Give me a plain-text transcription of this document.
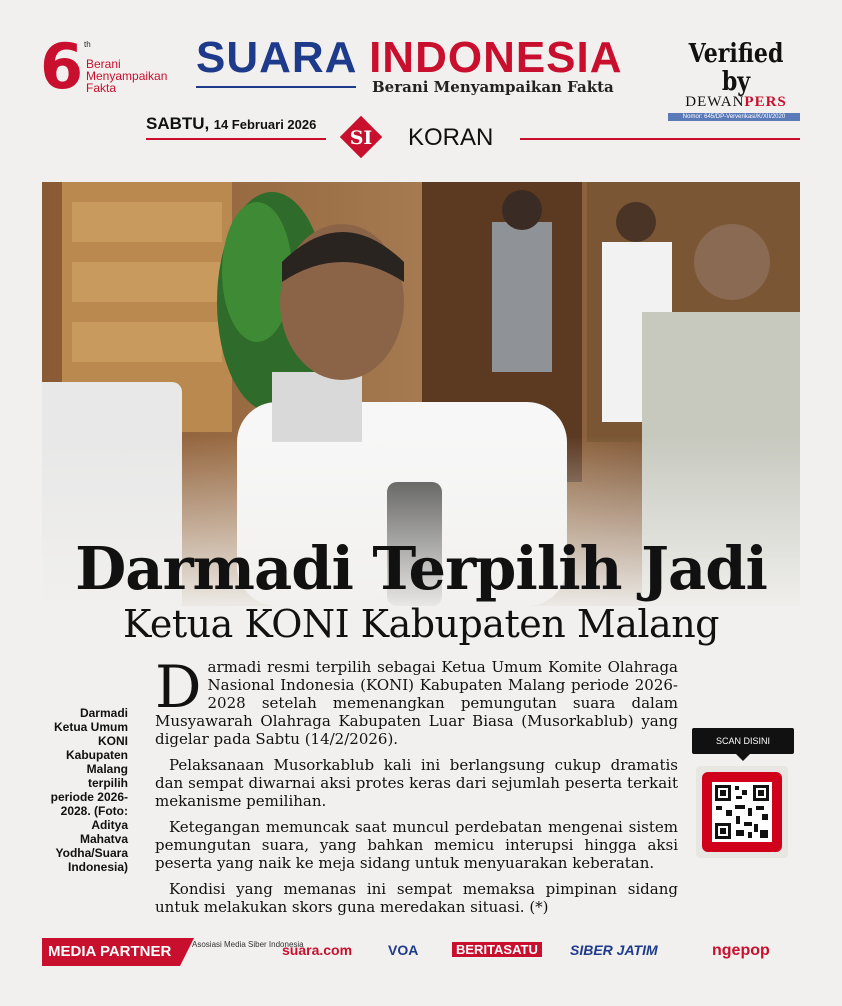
6 th
Berani
Menyampaikan
Fakta
SUARA INDONESIA
Berani Menyampaikan Fakta
Verified by
DEWANPERS
Nomor: 645/DP-Ververikasi/K/XII/2020
SABTU, 14 Februari 2026
SI KORAN
Darmadi Terpilih Jadi
Ketua KONI Kabupaten Malang
Darmadi Ketua Umum KONI Kabupaten Malang terpilih periode 2026-2028. (Foto: Aditya Mahatva Yodha/Suara Indonesia)

Darmadi resmi terpilih sebagai Ketua Umum Komite Olahraga Nasional Indonesia (KONI) Kabupaten Malang periode 2026-2028 setelah memenangkan pemungutan suara dalam Musyawarah Olahraga Kabupaten Luar Biasa (Musorkablub) yang digelar pada Sabtu (14/2/2026).

Pelaksanaan Musorkablub kali ini berlangsung cukup dramatis dan sempat diwarnai aksi protes keras dari sejumlah peserta terkait mekanisme pemilihan.

Ketegangan memuncak saat muncul perdebatan mengenai sistem pemungutan suara, yang bahkan memicu interupsi hingga aksi peserta yang naik ke meja sidang untuk menyuarakan keberatan.

Kondisi yang memanas ini sempat memaksa pimpinan sidang untuk melakukan skors guna meredakan situasi. (*)

SCAN DISINI
MEDIA PARTNER	Asosiasi Media Siber Indonesia
suara.com	VOA	BERITASATU SIBER JATIM	ngepop
